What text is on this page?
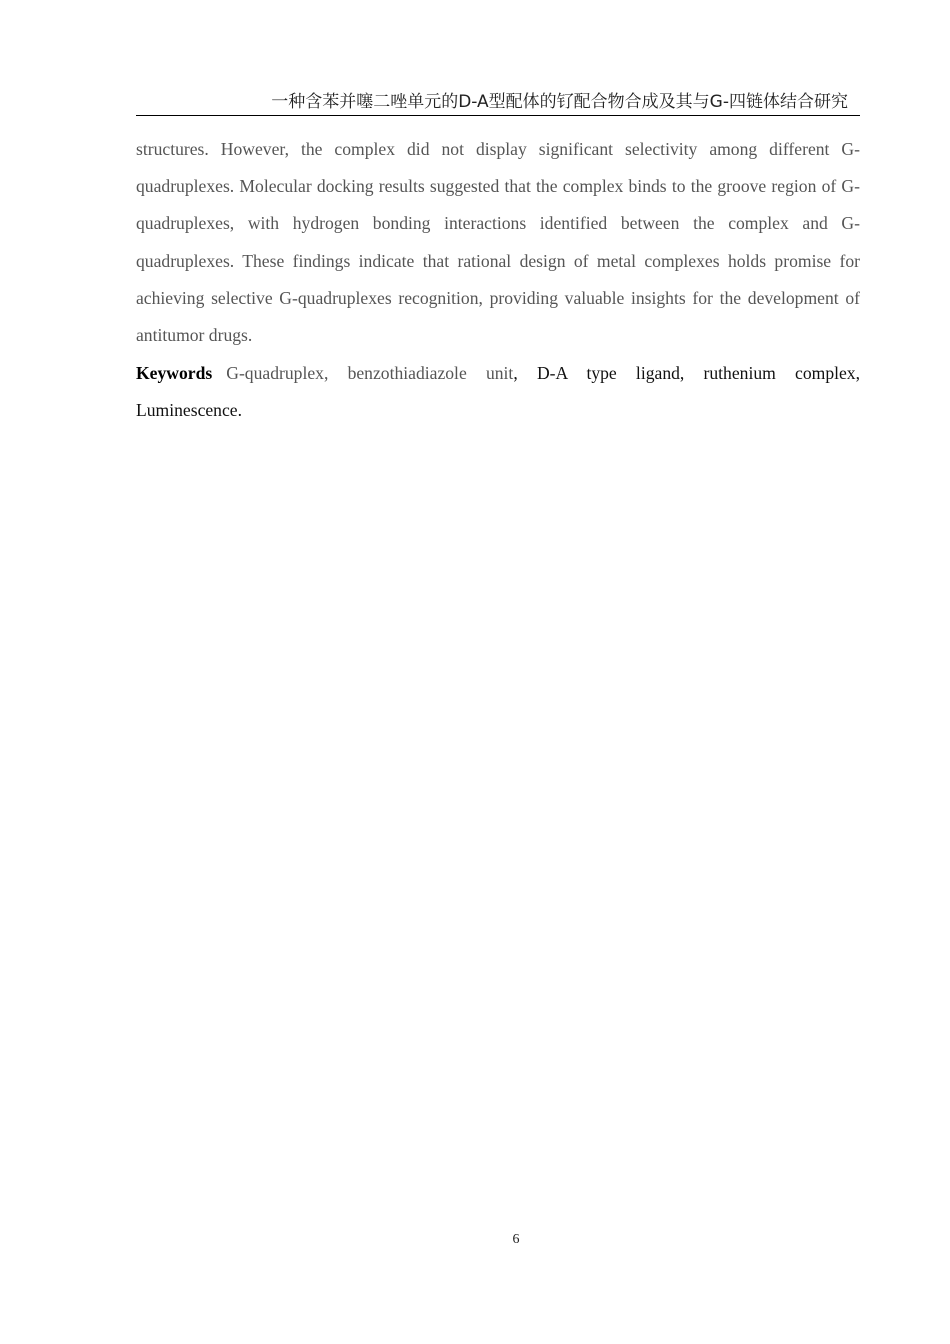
一种含苯并噻二唑单元的D-A型配体的钌配合物合成及其与G-四链体结合研究

structures. However, the complex did not display significant selectivity among different G-quadruplexes. Molecular docking results suggested that the complex binds to the groove region of G-quadruplexes, with hydrogen bonding interactions identified between the complex and G-quadruplexes. These findings indicate that rational design of metal complexes holds promise for achieving selective G-quadruplexes recognition, providing valuable insights for the development of antitumor drugs.

Keywords G-quadruplex, benzothiadiazole unit, D-A type ligand, ruthenium complex, Luminescence.

6
